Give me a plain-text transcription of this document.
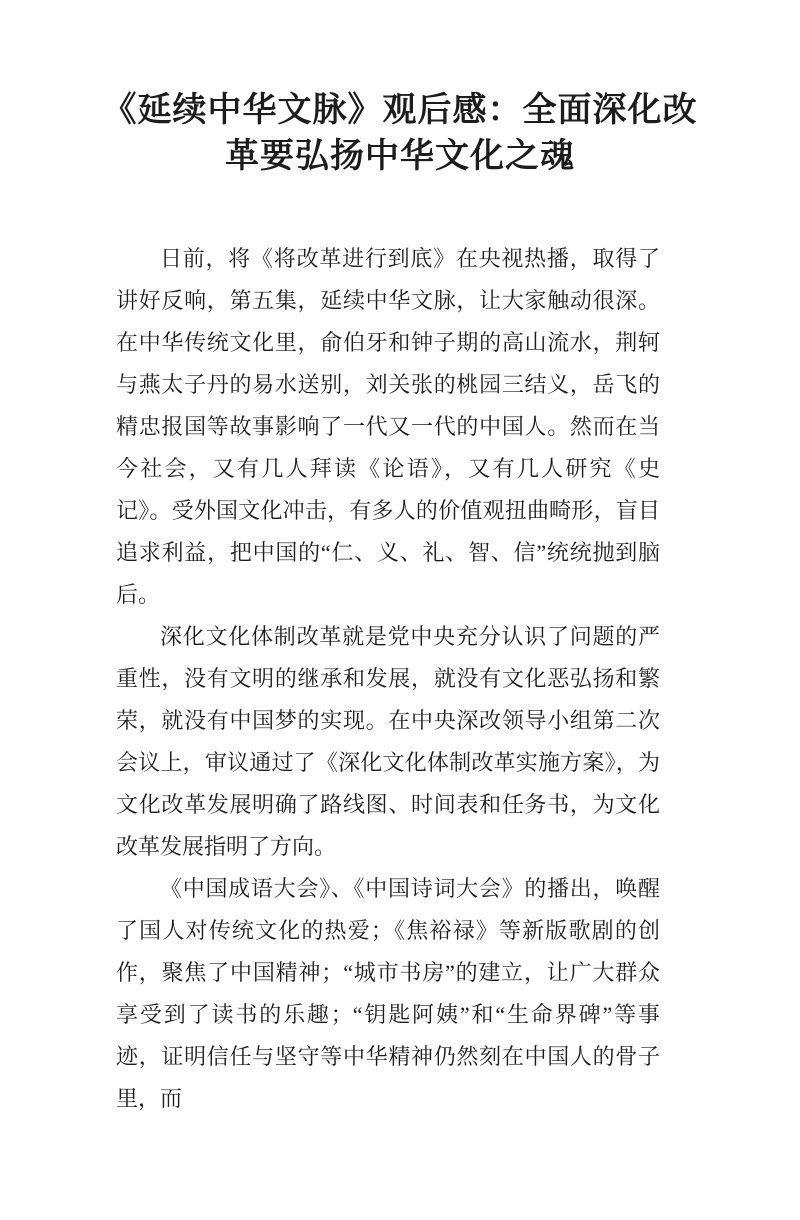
《延续中华文脉》观后感：全面深化改
革要弘扬中华文化之魂

日前，将《将改革进行到底》在央视热播，取得了讲好反响，第五集，延续中华文脉，让大家触动很深。在中华传统文化里，俞伯牙和钟子期的高山流水，荆轲与燕太子丹的易水送别，刘关张的桃园三结义，岳飞的精忠报国等故事影响了一代又一代的中国人。然而在当今社会，又有几人拜读《论语》，又有几人研究《史记》。受外国文化冲击，有多人的价值观扭曲畸形，盲目追求利益，把中国的“仁、义、礼、智、信”统统抛到脑后。

深化文化体制改革就是党中央充分认识了问题的严重性，没有文明的继承和发展，就没有文化恶弘扬和繁荣，就没有中国梦的实现。在中央深改领导小组第二次会议上，审议通过了《深化文化体制改革实施方案》，为文化改革发展明确了路线图、时间表和任务书，为文化改革发展指明了方向。

《中国成语大会》、《中国诗词大会》的播出，唤醒了国人对传统文化的热爱；《焦裕禄》等新版歌剧的创作，聚焦了中国精神；“城市书房”的建立，让广大群众享受到了读书的乐趣；“钥匙阿姨”和“生命界碑”等事迹，证明信任与坚守等中华精神仍然刻在中国人的骨子里，而
